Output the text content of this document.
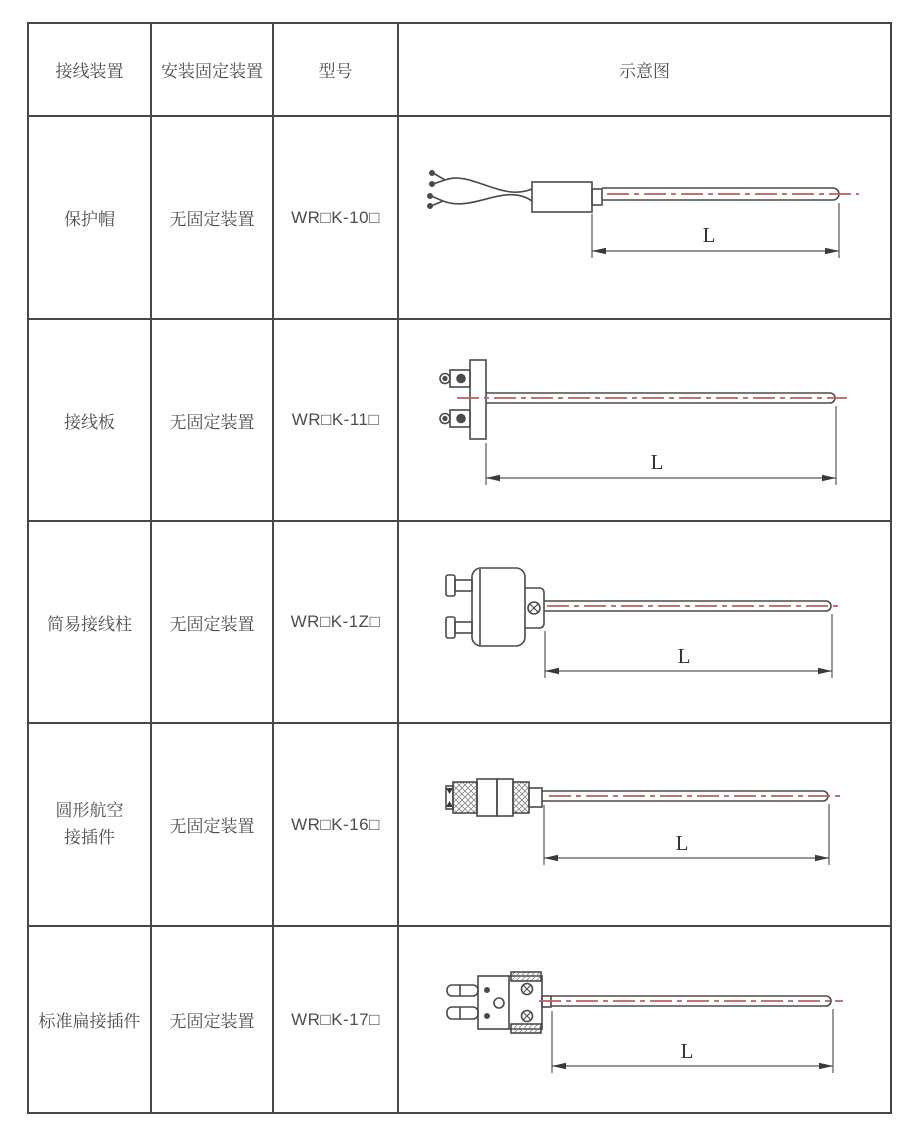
接线装置	安装固定装置	型号	示意图
保护帽	无固定装置	WR□K-10□	L

接线板	无固定装置	WR□K-11□	L

简易接线柱	无固定装置	WR□K-1Z□	L

圆形航空接插件	无固定装置	WR□K-16□	L

标准扁接插件	无固定装置	WR□K-17□	L
